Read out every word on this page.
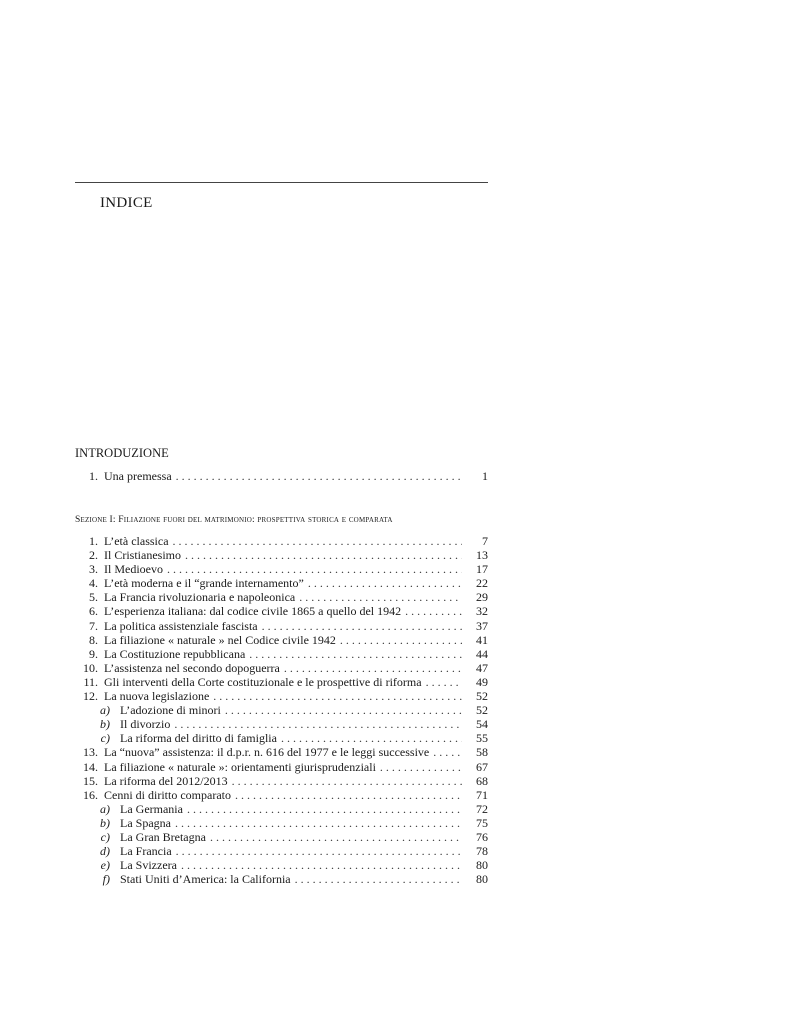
INDICE
INTRODUZIONE
1. Una premessa . . .	1
Sezione I: Filiazione fuori del matrimonio: prospettiva storica e comparata
1. L’età classica . . .	7
2. Il Cristianesimo . . .	13
3. Il Medioevo . . .	17
4. L’età moderna e il “grande internamento” . . .	22
5. La Francia rivoluzionaria e napoleonica . . .	29
6. L’esperienza italiana: dal codice civile 1865 a quello del 1942 . . .	32
7. La politica assistenziale fascista . . .	37
8. La filiazione « naturale » nel Codice civile 1942 . . .	41
9. La Costituzione repubblicana . . .	44
10. L’assistenza nel secondo dopoguerra . . .	47
11. Gli interventi della Corte costituzionale e le prospettive di riforma . . .	49
12. La nuova legislazione . . .	52
a) L’adozione di minori . . .	52
b) Il divorzio . . .	54
c) La riforma del diritto di famiglia . . .	55
13. La “nuova” assistenza: il d.p.r. n. 616 del 1977 e le leggi successive . . .	58
14. La filiazione « naturale »: orientamenti giurisprudenziali . . .	67
15. La riforma del 2012/2013 . . .	68
16. Cenni di diritto comparato . . .	71
a) La Germania . . .	72
b) La Spagna . . .	75
c) La Gran Bretagna . . .	76
d) La Francia . . .	78
e) La Svizzera . . .	80
f) Stati Uniti d’America: la California . . .	80
